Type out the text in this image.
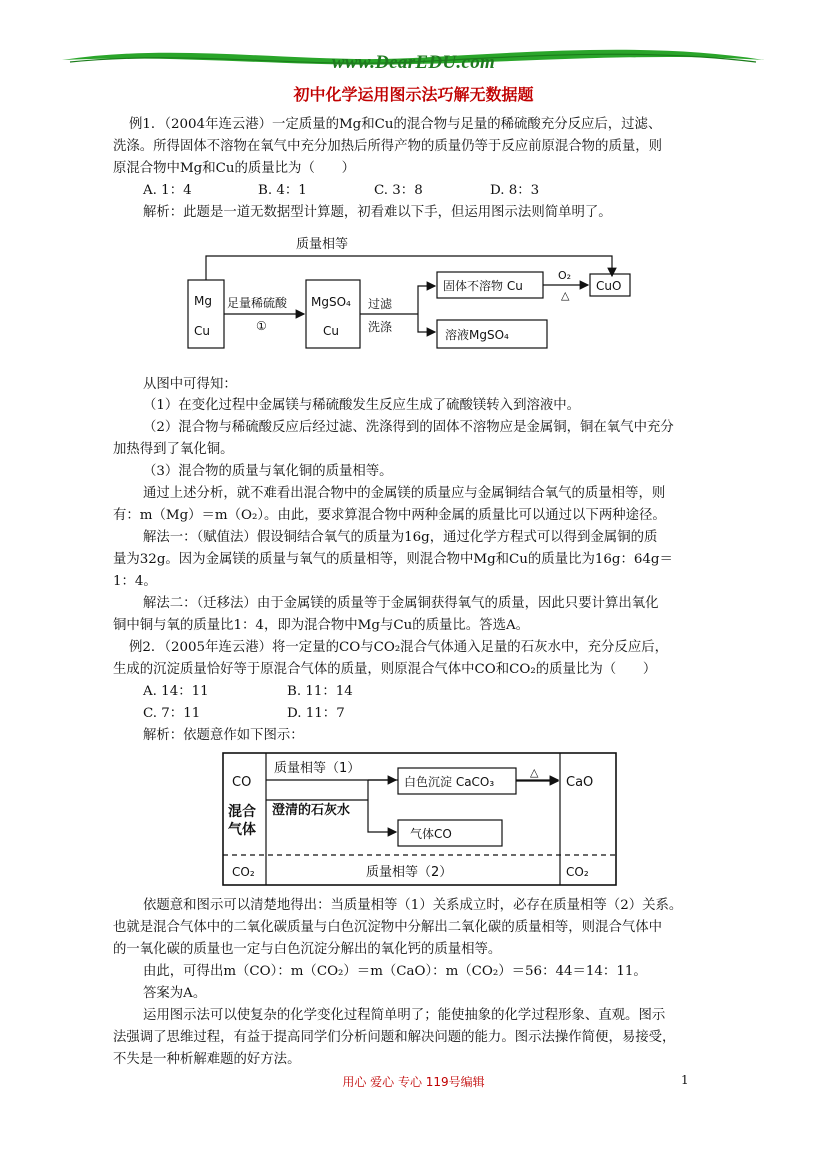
www.DearEDU.com
初中化学运用图示法巧解无数据题
例1．（2004年连云港）一定质量的Mg和Cu的混合物与足量的稀硫酸充分反应后，过滤、
洗涤。所得固体不溶物在氧气中充分加热后所得产物的质量仍等于反应前原混合物的质量，则
原混合物中Mg和Cu的质量比为（　　）
A. 1：4	B. 4：1	C. 3：8	D. 8：3
解析：此题是一道无数据型计算题，初看难以下手，但运用图示法则简单明了。
质量相等
Mg
Cu
足量稀硫酸
①
MgSO₄
Cu
过滤
洗涤
固体不溶物 Cu
溶液MgSO₄
O₂
△
CuO
从图中可得知：
（1）在变化过程中金属镁与稀硫酸发生反应生成了硫酸镁转入到溶液中。
（2）混合物与稀硫酸反应后经过滤、洗涤得到的固体不溶物应是金属铜，铜在氧气中充分
加热得到了氧化铜。
（3）混合物的质量与氧化铜的质量相等。
通过上述分析，就不难看出混合物中的金属镁的质量应与金属铜结合氧气的质量相等，则
有：m（Mg）＝m（O₂）。由此，要求算混合物中两种金属的质量比可以通过以下两种途径。
解法一：（赋值法）假设铜结合氧气的质量为16g，通过化学方程式可以得到金属铜的质
量为32g。因为金属镁的质量与氧气的质量相等，则混合物中Mg和Cu的质量比为16g：64g＝
1：4。
解法二：（迁移法）由于金属镁的质量等于金属铜获得氧气的质量，因此只要计算出氧化
铜中铜与氧的质量比1：4，即为混合物中Mg与Cu的质量比。答选A。
例2．（2005年连云港）将一定量的CO与CO₂混合气体通入足量的石灰水中，充分反应后，
生成的沉淀质量恰好等于原混合气体的质量，则原混合气体中CO和CO₂的质量比为（　　）
A. 14：11	B. 11：14
C. 7：11	D. 11：7
解析：依题意作如下图示：
CO
混合
气体
CO₂
质量相等（1）
澄清的石灰水
白色沉淀 CaCO₃
△
CaO
气体CO
质量相等（2）	CO₂
依题意和图示可以清楚地得出：当质量相等（1）关系成立时，必存在质量相等（2）关系。
也就是混合气体中的二氧化碳质量与白色沉淀物中分解出二氧化碳的质量相等，则混合气体中
的一氧化碳的质量也一定与白色沉淀分解出的氧化钙的质量相等。
由此，可得出m（CO）：m（CO₂）＝m（CaO）：m（CO₂）＝56：44＝14：11。
答案为A。
运用图示法可以使复杂的化学变化过程简单明了；能使抽象的化学过程形象、直观。图示
法强调了思维过程，有益于提高同学们分析问题和解决问题的能力。图示法操作简便，易接受，
不失是一种析解难题的好方法。
用心 爱心 专心 119号编辑	1
